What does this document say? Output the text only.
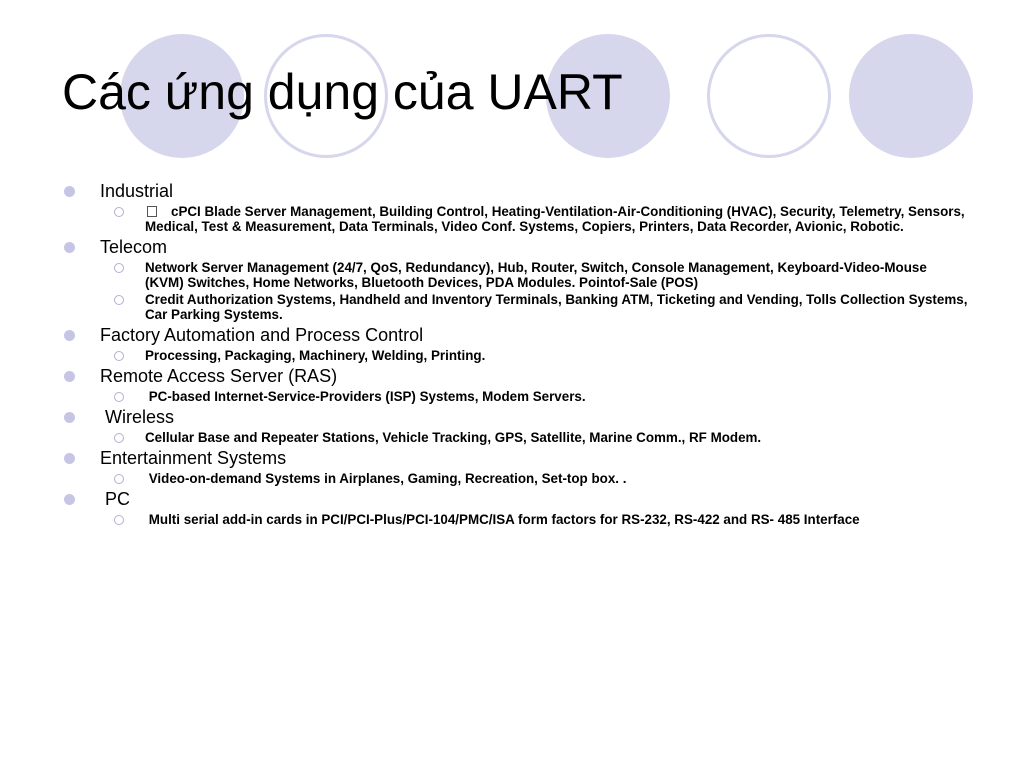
Các ứng dụng của UART
Industrial
cPCI Blade Server Management, Building Control, Heating-Ventilation-Air-Conditioning (HVAC), Security, Telemetry, Sensors, Medical, Test & Measurement, Data Terminals, Video Conf. Systems, Copiers, Printers, Data Recorder, Avionic, Robotic.
Telecom
Network Server Management (24/7, QoS, Redundancy), Hub, Router, Switch, Console Management, Keyboard-Video-Mouse (KVM) Switches, Home Networks, Bluetooth Devices, PDA Modules. Pointof-Sale (POS)
Credit Authorization Systems, Handheld and Inventory Terminals, Banking ATM, Ticketing and Vending, Tolls Collection Systems, Car Parking Systems.
Factory Automation and Process Control
Processing, Packaging, Machinery, Welding, Printing.
Remote Access Server (RAS)
PC-based Internet-Service-Providers (ISP) Systems, Modem Servers.
Wireless
Cellular Base and Repeater Stations, Vehicle Tracking, GPS, Satellite, Marine Comm., RF Modem.
Entertainment Systems
Video-on-demand Systems in Airplanes, Gaming, Recreation, Set-top box. .
PC
Multi serial add-in cards in PCI/PCI-Plus/PCI-104/PMC/ISA form factors for RS-232, RS-422 and RS- 485 Interface
